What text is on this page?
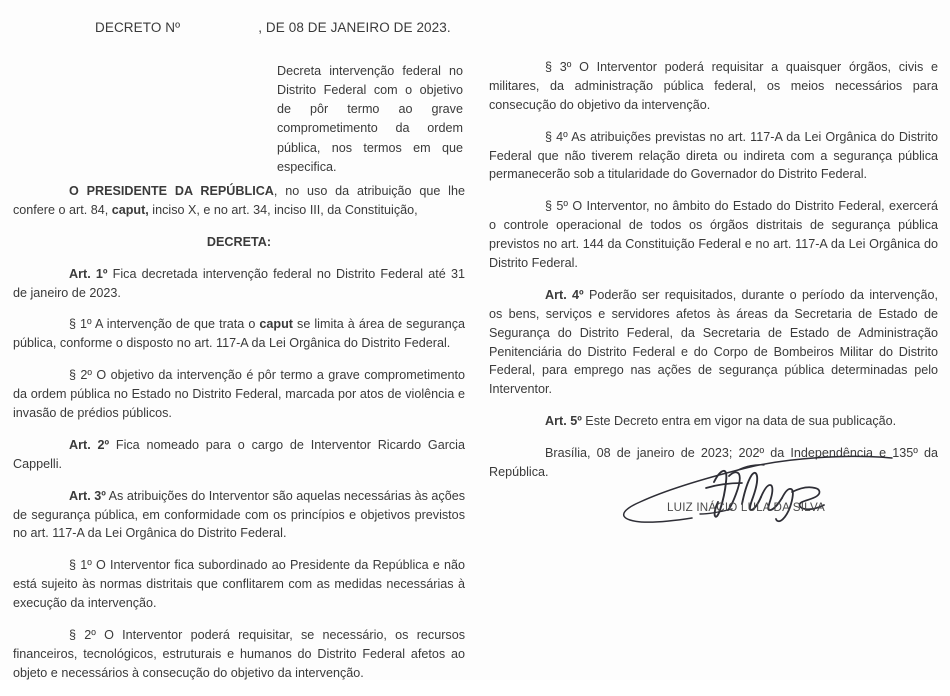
DECRETO Nº	, DE 08 DE JANEIRO DE 2023.
Decreta intervenção federal no Distrito Federal com o objetivo de pôr termo ao grave comprometimento da ordem pública, nos termos em que especifica.

O PRESIDENTE DA REPÚBLICA, no uso da atribuição que lhe confere o art. 84, caput, inciso X, e no art. 34, inciso III, da Constituição,

DECRETA:

Art. 1º Fica decretada intervenção federal no Distrito Federal até 31 de janeiro de 2023.

§ 1º A intervenção de que trata o caput se limita à área de segurança pública, conforme o disposto no art. 117-A da Lei Orgânica do Distrito Federal.

§ 2º O objetivo da intervenção é pôr termo a grave comprometimento da ordem pública no Estado no Distrito Federal, marcada por atos de violência e invasão de prédios públicos.

Art. 2º Fica nomeado para o cargo de Interventor Ricardo Garcia Cappelli.

Art. 3º As atribuições do Interventor são aquelas necessárias às ações de segurança pública, em conformidade com os princípios e objetivos previstos no art. 117-A da Lei Orgânica do Distrito Federal.

§ 1º O Interventor fica subordinado ao Presidente da República e não está sujeito às normas distritais que conflitarem com as medidas necessárias à execução da intervenção.

§ 2º O Interventor poderá requisitar, se necessário, os recursos financeiros, tecnológicos, estruturais e humanos do Distrito Federal afetos ao objeto e necessários à consecução do objetivo da intervenção.

§ 3º O Interventor poderá requisitar a quaisquer órgãos, civis e militares, da administração pública federal, os meios necessários para consecução do objetivo da intervenção.

§ 4º As atribuições previstas no art. 117-A da Lei Orgânica do Distrito Federal que não tiverem relação direta ou indireta com a segurança pública permanecerão sob a titularidade do Governador do Distrito Federal.

§ 5º O Interventor, no âmbito do Estado do Distrito Federal, exercerá o controle operacional de todos os órgãos distritais de segurança pública previstos no art. 144 da Constituição Federal e no art. 117-A da Lei Orgânica do Distrito Federal.

Art. 4º Poderão ser requisitados, durante o período da intervenção, os bens, serviços e servidores afetos às áreas da Secretaria de Estado de Segurança do Distrito Federal, da Secretaria de Estado de Administração Penitenciária do Distrito Federal e do Corpo de Bombeiros Militar do Distrito Federal, para emprego nas ações de segurança pública determinadas pelo Interventor.

Art. 5º Este Decreto entra em vigor na data de sua publicação.

Brasília, 08 de janeiro de 2023; 202º da Independência e 135º da República.

LUIZ INÁCIO LULA DA SILVA
